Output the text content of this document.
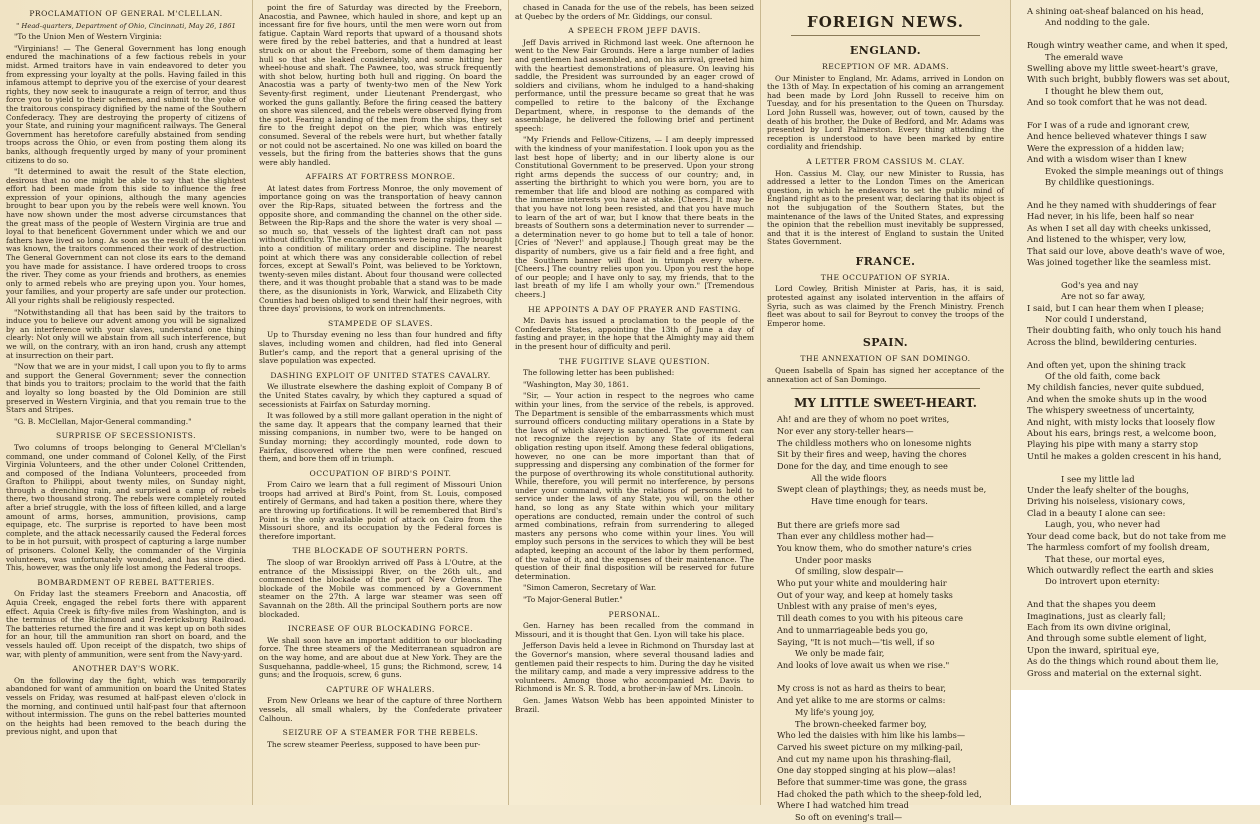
PROCLAMATION OF GENERAL M'CLELLAN.
" Head-quarters, Department of Ohio, Cincinnati, May 26, 1861
"To the Union Men of Western Virginia:
"Virginians! — The General Government has long enough endured the machinations of a few factious rebels in your midst. Armed traitors have in vain endeavored to deter you from expressing your loyalty at the polls. Having failed in this infamous attempt to deprive you of the exercise of your dearest rights, they now seek to inaugurate a reign of terror, and thus force you to yield to their schemes, and submit to the yoke of the traitorous conspiracy dignified by the name of the Southern Confederacy. They are destroying the property of citizens of your State, and ruining your magnificent railways. The General Government has heretofore carefully abstained from sending troops across the Ohio, or even from posting them along its banks, although frequently urged by many of your prominent citizens to do so.
"It determined to await the result of the State election, desirous that no one might be able to say that the slightest effort had been made from this side to influence the free expression of your opinions, although the many agencies brought to bear upon you by the rebels were well known. You have now shown under the most adverse circumstances that the great mass of the people of Western Virginia are true and loyal to that beneficent Government under which we and our fathers have lived so long. As soon as the result of the election was known, the traitors commenced their work of destruction. The General Government can not close its ears to the demand you have made for assistance. I have ordered troops to cross the river. They come as your friends and brothers, as enemies only to armed rebels who are preying upon you. Your homes, your families, and your property are safe under our protection. All your rights shall be religiously respected.
"Notwithstanding all that has been said by the traitors to induce you to believe our advent among you will be signalized by an interference with your slaves, understand one thing clearly: Not only will we abstain from all such interference, but we will, on the contrary, with an iron hand, crush any attempt at insurrection on their part.
"Now that we are in your midst, I call upon you to fly to arms and support the General Government; sever the connection that binds you to traitors; proclaim to the world that the faith and loyalty so long boasted by the Old Dominion are still preserved in Western Virginia, and that you remain true to the Stars and Stripes.
"G. B. McClellan, Major-General commanding."
SURPRISE OF SECESSIONISTS.
Two columns of troops belonging to General M'Clellan's command, one under command of Colonel Kelly, of the First Virginia Volunteers, and the other under Colonel Crittenden, and composed of the Indiana Volunteers, proceeded from Grafton to Philippi, about twenty miles, on Sunday night, through a drenching rain, and surprised a camp of rebels there, two thousand strong. The rebels were completely routed after a brief struggle, with the loss of fifteen killed, and a large amount of arms, horses, ammunition, provisions, camp equipage, etc. The surprise is reported to have been most complete, and the attack necessarily caused the Federal forces to be in hot pursuit, with prospect of capturing a large number of prisoners. Colonel Kelly, the commander of the Virginia volunteers, was unfortunately wounded, and has since died. This, however, was the only life lost among the Federal troops.
BOMBARDMENT OF REBEL BATTERIES.
On Friday last the steamers Freeborn and Anacostia, off Aquia Creek, engaged the rebel forts there with apparent effect. Aquia Creek is fifty-five miles from Washington, and is the terminus of the Richmond and Fredericksburg Railroad. The batteries returned the fire and it was kept up on both sides for an hour, till the ammunition ran short on board, and the vessels hauled off. Upon receipt of the dispatch, two ships of war, with plenty of ammunition, were sent from the Navy-yard.
ANOTHER DAY'S WORK.
On the following day the fight, which was temporarily abandoned for want of ammunition on board the United States vessels on Friday, was resumed at half-past eleven o'clock in the morning, and continued until half-past four that afternoon without intermission. The guns on the rebel batteries mounted on the heights had been removed to the beach during the previous night, and upon that
point the fire of Saturday was directed by the Freeborn, Anacostia, and Pawnee, which hauled in shore, and kept up an incessant fire for five hours, until the men were worn out from fatigue. Captain Ward reports that upward of a thousand shots were fired by the rebel batteries, and that a hundred at least struck on or about the Freeborn, some of them damaging her hull so that she leaked considerably, and some hitting her wheel-house and shaft. The Pawnee, too, was struck frequently with shot below, hurting both hull and rigging. On board the Anacostia was a party of twenty-two men of the New York Seventy-first regiment, under Lieutenant Prendergast, who worked the guns gallantly. Before the firing ceased the battery on shore was silenced, and the rebels were observed flying from the spot. Fearing a landing of the men from the ships, they set fire to the freight depot on the pier, which was entirely consumed. Several of the rebels were hurt, but whether fatally or not could not be ascertained. No one was killed on board the vessels, but the firing from the batteries shows that the guns were ably handled.
AFFAIRS AT FORTRESS MONROE.
At latest dates from Fortress Monroe, the only movement of importance going on was the transportation of heavy cannon over the Rip-Raps, situated between the fortress and the opposite shore, and commanding the channel on the other side. Between the Rip-Raps and the shore the water is very shoal — so much so, that vessels of the lightest draft can not pass without difficulty. The encampments were being rapidly brought into a condition of military order and discipline. The nearest point at which there was any considerable collection of rebel forces, except at Sewall's Point, was believed to be Yorktown, twenty-seven miles distant. About four thousand were collected there, and it was thought probable that a stand was to be made there, as the disunionists in York, Warwick, and Elizabeth City Counties had been obliged to send their half their negroes, with three days' provisions, to work on intrenchments.
STAMPEDE OF SLAVES.
Up to Thursday evening no less than four hundred and fifty slaves, including women and children, had fled into General Butler's camp, and the report that a general uprising of the slave population was expected.
DASHING EXPLOIT OF UNITED STATES CAVALRY.
We illustrate elsewhere the dashing exploit of Company B of the United States cavalry, by which they captured a squad of secessionists at Fairfax on Saturday morning.
It was followed by a still more gallant operation in the night of the same day. It appears that the company learned that their missing companions, in number two, were to be hanged on Sunday morning; they accordingly mounted, rode down to Fairfax, discovered where the men were confined, rescued them, and bore them off in triumph.
OCCUPATION OF BIRD'S POINT.
From Cairo we learn that a full regiment of Missouri Union troops had arrived at Bird's Point, from St. Louis, composed entirely of Germans, and had taken a position there, where they are throwing up fortifications. It will be remembered that Bird's Point is the only available point of attack on Cairo from the Missouri shore, and its occupation by the Federal forces is therefore important.
THE BLOCKADE OF SOUTHERN PORTS.
The sloop of war Brooklyn arrived off Pass à L'Outre, at the entrance of the Mississippi River, on the 26th ult., and commenced the blockade of the port of New Orleans. The blockade of the Mobile was commenced by a Government steamer on the 27th. A large war steamer was seen off Savannah on the 28th. All the principal Southern ports are now blockaded.
INCREASE OF OUR BLOCKADING FORCE.
We shall soon have an important addition to our blockading force. The three steamers of the Mediterranean squadron are on the way home, and are about due at New York. They are the Susquehanna, paddle-wheel, 15 guns; the Richmond, screw, 14 guns; and the Iroquois, screw, 6 guns.
CAPTURE OF WHALERS.
From New Orleans we hear of the capture of three Northern vessels, all small whalers, by the Confederate privateer Calhoun.
SEIZURE OF A STEAMER FOR THE REBELS.
The screw steamer Peerless, supposed to have been pur-
chased in Canada for the use of the rebels, has been seized at Quebec by the orders of Mr. Giddings, our consul.
A SPEECH FROM JEFF DAVIS.
Jeff Davis arrived in Richmond last week. One afternoon he went to the New Fair Grounds. Here a large number of ladies and gentlemen had assembled, and, on his arrival, greeted him with the heartiest demonstrations of pleasure. On leaving his saddle, the President was surrounded by an eager crowd of soldiers and civilians, whom he indulged to a hand-shaking performance, until the pressure became so great that he was compelled to retire to the balcony of the Exchange Department, where, in response to the demands of the assemblage, he delivered the following brief and pertinent speech:
"My Friends and Fellow-Citizens, — I am deeply impressed with the kindness of your manifestation. I look upon you as the last best hope of liberty; and in our liberty alone is our Constitutional Government to be preserved. Upon your strong right arms depends the success of our country; and, in asserting the birthright to which you were born, you are to remember that life and blood are nothing as compared with the immense interests you have at stake. [Cheers.] It may be that you have not long been resisted, and that you have much to learn of the art of war, but I know that there beats in the breasts of Southern sons a determination never to surrender — a determination never to go home but to tell a tale of honor. [Cries of 'Never!' and applause.] Though great may be the disparity of numbers, give us a fair field and a free fight, and the Southern banner will float in triumph every where. [Cheers.] The country relies upon you. Upon you rest the hope of our people; and I have only to say, my friends, that to the last breath of my life I am wholly your own." [Tremendous cheers.]
HE APPOINTS A DAY OF PRAYER AND FASTING.
Mr. Davis has issued a proclamation to the people of the Confederate States, appointing the 13th of June a day of fasting and prayer, in the hope that the Almighty may aid them in the present hour of difficulty and peril.
THE FUGITIVE SLAVE QUESTION.
The following letter has been published:
"Washington, May 30, 1861.
"Sir, — Your action in respect to the negroes who came within your lines, from the service of the rebels, is approved. The Department is sensible of the embarrassments which must surround officers conducting military operations in a State by the laws of which slavery is sanctioned. The government can not recognize the rejection by any State of its federal obligation resting upon itself. Among these federal obligations, however, no one can be more important than that of suppressing and dispersing any combination of the former for the purpose of overthrowing its whole constitutional authority. While, therefore, you will permit no interference, by persons under your command, with the relations of persons held to service under the laws of any State, you will, on the other hand, so long as any State within which your military operations are conducted, remain under the control of such armed combinations, refrain from surrendering to alleged masters any persons who come within your lines. You will employ such persons in the services to which they will be best adapted, keeping an account of the labor by them performed, of the value of it, and the expenses of their maintenance. The question of their final disposition will be reserved for future determination.
"Simon Cameron, Secretary of War.
"To Major-General Butler."
PERSONAL.
Gen. Harney has been recalled from the command in Missouri, and it is thought that Gen. Lyon will take his place.
Jefferson Davis held a levee in Richmond on Thursday last at the Governor's mansion, where several thousand ladies and gentlemen paid their respects to him. During the day he visited the military camp, and made a very impressive address to the volunteers. Among those who accompanied Mr. Davis to Richmond is Mr. S. R. Todd, a brother-in-law of Mrs. Lincoln.
Gen. James Watson Webb has been appointed Minister to Brazil.
FOREIGN NEWS.
ENGLAND.
RECEPTION OF MR. ADAMS.
Our Minister to England, Mr. Adams, arrived in London on the 13th of May. In expectation of his coming an arrangement had been made by Lord John Russell to receive him on Tuesday, and for his presentation to the Queen on Thursday. Lord John Russell was, however, out of town, caused by the death of his brother, the Duke of Bedford, and Mr. Adams was presented by Lord Palmerston. Every thing attending the reception is understood to have been marked by entire cordiality and friendship.
A LETTER FROM CASSIUS M. CLAY.
Hon. Cassius M. Clay, our new Minister to Russia, has addressed a letter to the London Times on the American question, in which he endeavors to set the public mind of England right as to the present war, declaring that its object is not the subjugation of the Southern States, but the maintenance of the laws of the United States, and expressing the opinion that the rebellion must inevitably be suppressed, and that it is the interest of England to sustain the United States Government.
FRANCE.
THE OCCUPATION OF SYRIA.
Lord Cowley, British Minister at Paris, has, it is said, protested against any isolated intervention in the affairs of Syria, such as was claimed by the French Ministry. French fleet was about to sail for Beyrout to convey the troops of the Emperor home.
SPAIN.
THE ANNEXATION OF SAN DOMINGO.
Queen Isabella of Spain has signed her acceptance of the annexation act of San Domingo.
MY LITTLE SWEET-HEART.
Ah! and are they of whom no poet writes,
Nor ever any story-teller hears—
The childless mothers who on lonesome nights
Sit by their fires and weep, having the chores
Done for the day, and time enough to see
All the wide floors
Swept clean of playthings; they, as needs must be,
Have time enough for tears.

But there are griefs more sad
Than ever any childless mother had—
You know them, who do smother nature's cries
Under poor masks
Of smiling, slow despair—
Who put your white and mouldering hair
Out of your way, and keep at homely tasks
Unblest with any praise of men's eyes,
Till death comes to you with his piteous care
And to unmarriageable beds you go,
Saying, "It is not much—'tis well, if so
We only be made fair,
And looks of love await us when we rise."

My cross is not as hard as theirs to bear,
And yet alike to me are storms or calms:
My life's young joy,
The brown-cheeked farmer boy,
Who led the daisies with him like his lambs—
Carved his sweet picture on my milking-pail,
And cut my name upon his thrashing-flail,
One day stopped singing at his plow—alas!
Before that summer-time was gone, the grass
Had choked the path which to the sheep-fold led,
Where I had watched him tread
So oft on evening's trail—
A shining oat-sheaf balanced on his head,
And nodding to the gale.

Rough wintry weather came, and when it sped,
The emerald wave
Swelling above my little sweet-heart's grave,
With such bright, bubbly flowers was set about,
I thought he blew them out,
And so took comfort that he was not dead.

For I was of a rude and ignorant crew,
And hence believed whatever things I saw
Were the expression of a hidden law;
And with a wisdom wiser than I knew
Evoked the simple meanings out of things
By childlike questionings.

And he they named with shudderings of fear
Had never, in his life, been half so near
As when I set all day with cheeks unkissed,
And listened to the whisper, very low,
That said our love, above death's wave of woe,
Was joined together like the seamless mist.

God's yea and nay
Are not so far away,
I said, but I can hear them when I please;
Nor could I understand,
Their doubting faith, who only touch his hand
Across the blind, bewildering centuries.

And often yet, upon the shining track
Of the old faith, come back
My childish fancies, never quite subdued,
And when the smoke shuts up in the wood
The whispery sweetness of uncertainty,
And night, with misty locks that loosely flow
About his ears, brings rest, a welcome boon,
Playing his pipe with many a starry stop
Until he makes a golden crescent in his hand,

I see my little lad
Under the leafy shelter of the boughs,
Driving his noiseless, visionary cows,
Clad in a beauty I alone can see:
Laugh, you, who never had
Your dead come back, but do not take from me
The harmless comfort of my foolish dream,
That these, our mortal eyes,
Which outwardly reflect the earth and skies
Do introvert upon eternity:

And that the shapes you deem
Imaginations, just as clearly fall;
Each from its own divine original,
And through some subtle element of light,
Upon the inward, spiritual eye,
As do the things which round about them lie,
Gross and material on the external sight.
